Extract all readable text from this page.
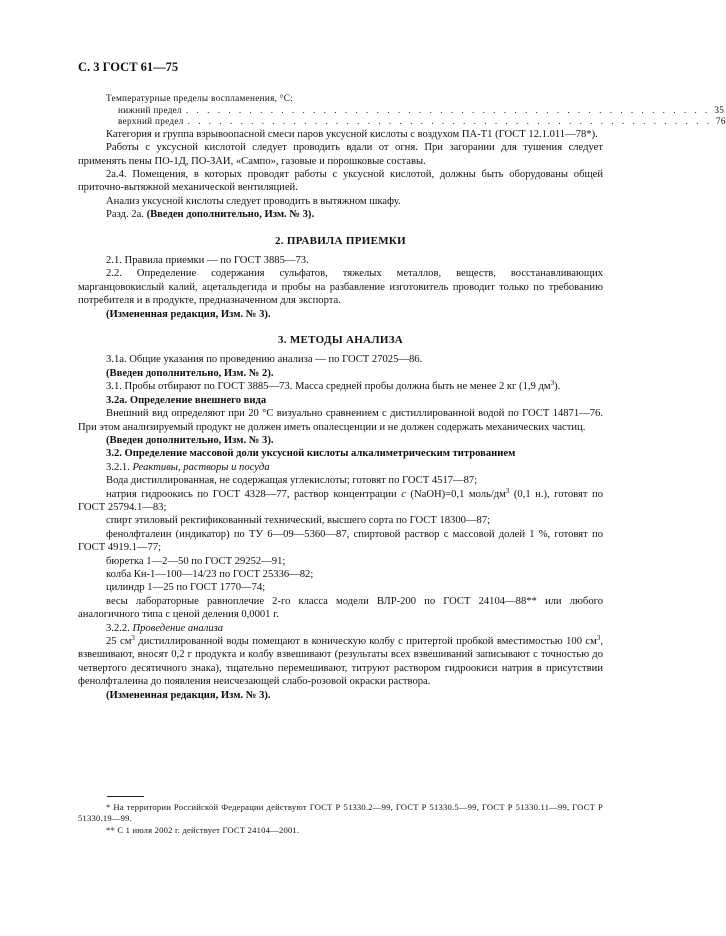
С. 3 ГОСТ 61—75
Температурные пределы воспламенения, °С:
нижний предел . . . . . . . . . . . . . . . . . . . . . . . . . . . . . . . . . . . . . . . . . . . . . . . . . . 35
верхний предел . . . . . . . . . . . . . . . . . . . . . . . . . . . . . . . . . . . . . . . . . . . . . . . . . . 76

Категория и группа взрывоопасной смеси паров уксусной кислоты с воздухом ПА-Т1 (ГОСТ 12.1.011—78*).

Работы с уксусной кислотой следует проводить вдали от огня. При загорании для тушения следует применять пены ПО-1Д, ПО-ЗАИ, «Сампо», газовые и порошковые составы.

2а.4. Помещения, в которых проводят работы с уксусной кислотой, должны быть оборудованы общей приточно-вытяжной механической вентиляцией.

Анализ уксусной кислоты следует проводить в вытяжном шкафу.

Разд. 2а. (Введен дополнительно, Изм. № 3).

2. ПРАВИЛА ПРИЕМКИ

2.1. Правила приемки — по ГОСТ 3885—73.

2.2. Определение содержания сульфатов, тяжелых металлов, веществ, восстанавливающих марганцовокислый калий, ацетальдегида и пробы на разбавление изготовитель проводит только по требованию потребителя и в продукте, предназначенном для экспорта.

(Измененная редакция, Изм. № 3).

3. МЕТОДЫ АНАЛИЗА

3.1а. Общие указания по проведению анализа — по ГОСТ 27025—86.

(Введен дополнительно, Изм. № 2).

3.1. Пробы отбирают по ГОСТ 3885—73. Масса средней пробы должна быть не менее 2 кг (1,9 $дм^3$).

3.2а. Определение внешнего вида

Внешний вид определяют при 20 °С визуально сравнением с дистиллированной водой по ГОСТ 14871—76. При этом анализируемый продукт не должен иметь опалесценции и не должен содержать механических частиц.

(Введен дополнительно, Изм. № 3).

3.2. Определение массовой доли уксусной кислоты алкалиметрическим титрованием

3.2.1. Реактивы, растворы и посуда

Вода дистиллированная, не содержащая углекислоты; готовят по ГОСТ 4517—87;

натрия гидроокись по ГОСТ 4328—77, раствор концентрации с (NaOH)=0,1 моль/$дм^3$ (0,1 н.), готовят по ГОСТ 25794.1—83;

спирт этиловый ректификованный технический, высшего сорта по ГОСТ 18300—87;

фенолфталеин (индикатор) по ТУ 6—09—5360—87, спиртовой раствор с массовой долей 1 %, готовят по ГОСТ 4919.1—77;

бюретка 1—2—50 по ГОСТ 29252—91;

колба Кн-1—100—14/23 по ГОСТ 25336—82;

цилиндр 1—25 по ГОСТ 1770—74;

весы лабораторные равноплечие 2-го класса модели ВЛР-200 по ГОСТ 24104—88** или любого аналогичного типа с ценой деления 0,0001 г.

3.2.2. Проведение анализа

25 $см^3$ дистиллированной воды помещают в коническую колбу с притертой пробкой вместимостью 100 $см^3$, взвешивают, вносят 0,2 г продукта и колбу взвешивают (результаты всех взвешиваний записывают с точностью до четвертого десятичного знака), тщательно перемешивают, титруют раствором гидроокиси натрия в присутствии фенолфталеина до появления неисчезающей слабо-розовой окраски раствора.

(Измененная редакция, Изм. № 3).

* На территории Российской Федерации действуют ГОСТ Р 51330.2—99, ГОСТ Р 51330.5—99, ГОСТ Р 51330.11—99, ГОСТ Р 51330.19—99.

** С 1 июля 2002 г. действует ГОСТ 24104—2001.
